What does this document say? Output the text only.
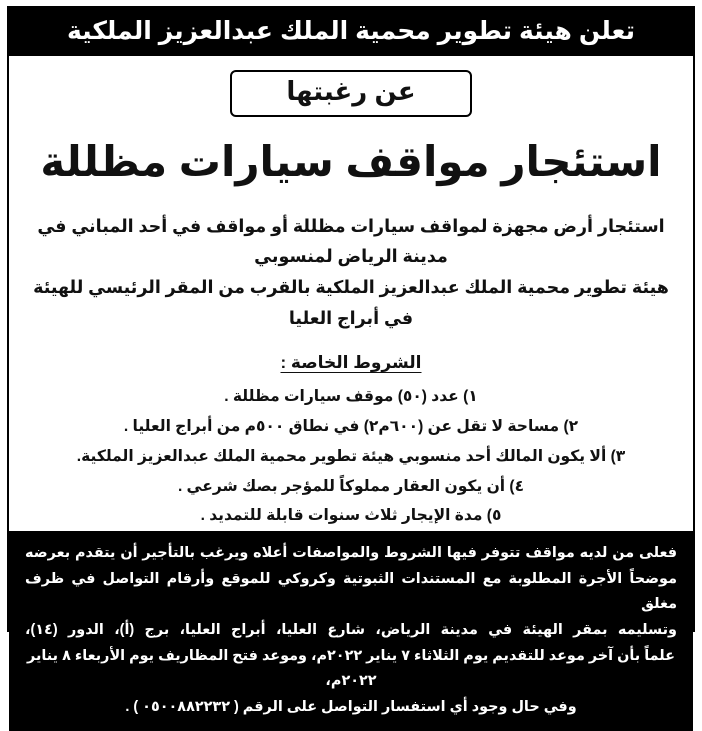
تعلن هيئة تطوير محمية الملك عبدالعزيز الملكية
عن رغبتها
استئجار مواقف سيارات مظللة
استئجار أرض مجهزة لمواقف سيارات مظللة أو مواقف في أحد المباني في مدينة الرياض لمنسوبي
هيئة تطوير محمية الملك عبدالعزيز الملكية بالقرب من المقر الرئيسي للهيئة في أبراج العليا
الشروط الخاصة :
١) عدد (٥٠) موقف سيارات مظللة .
٢) مساحة لا تقل عن (٦٠٠م٢) في نطاق ٥٠٠م من أبراج العليا .
٣) ألا يكون المالك أحد منسوبي هيئة تطوير محمية الملك عبدالعزيز الملكية.
٤) أن يكون العقار مملوكاً للمؤجر بصك شرعي .
٥) مدة الإيجار ثلاث سنوات قابلة للتمديد .

فعلى من لديه مواقف تتوفر فيها الشروط والمواصفات أعلاه ويرغب بالتأجير أن يتقدم بعرضه

موضحاً الأجرة المطلوبة مع المستندات الثبوتية وكروكي للموقع وأرقام التواصل في ظرف مغلق

وتسليمه بمقر الهيئة في مدينة الرياض، شارع العليا، أبراج العليا، برج (أ)، الدور (١٤)،

علماً بأن آخر موعد للتقديم يوم الثلاثاء ٧ يناير ٢٠٢٢م، وموعد فتح المظاريف يوم الأربعاء ٨ يناير ٢٠٢٢م،

وفي حال وجود أي استفسار التواصل على الرقم ( ٠٥٠٠٨٨٢٢٣٢ ) .
